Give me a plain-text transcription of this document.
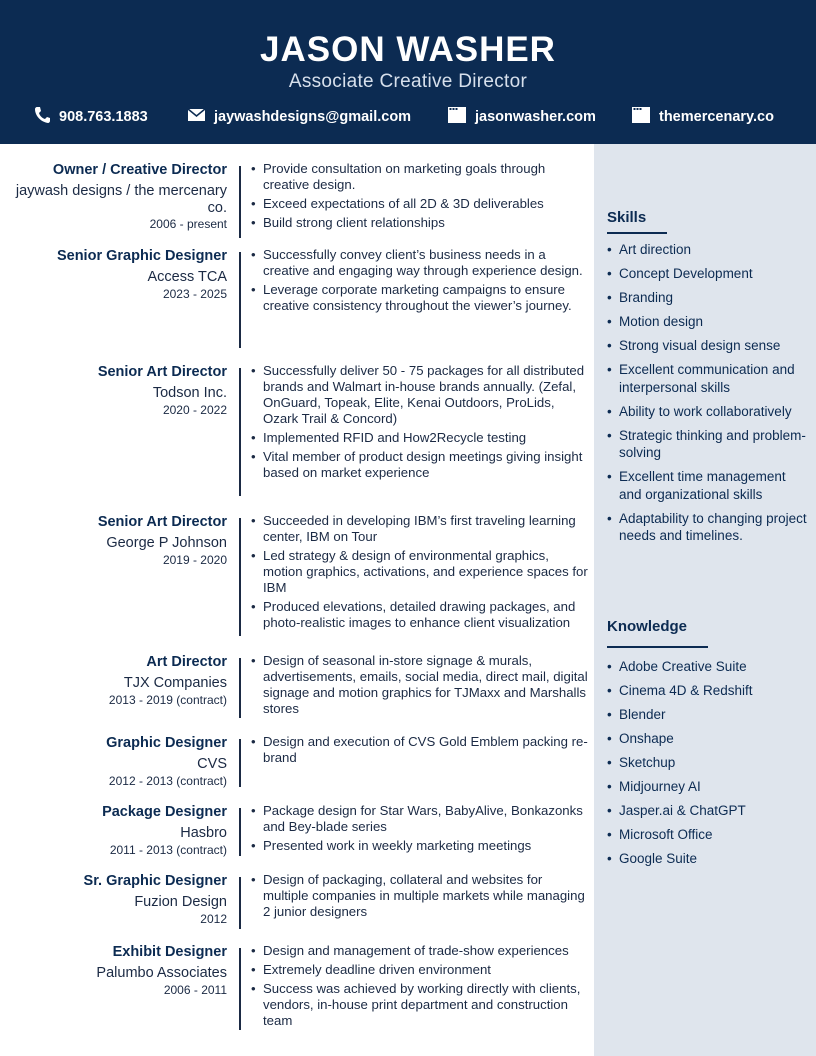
JASON WASHER
Associate Creative Director
908.763.1883	jaywashdesigns@gmail.com	jasonwasher.com	themercenary.co
Owner / Creative Director
jaywash designs / the mercenary co.
2006 - present
• Provide consultation on marketing goals through creative design.
• Exceed expectations of all 2D & 3D deliverables
• Build strong client relationships
Senior Graphic Designer
Access TCA
2023 - 2025
• Successfully convey client’s business needs in a creative and engaging way through experience design.
• Leverage corporate marketing campaigns to ensure creative consistency throughout the viewer’s journey.
Senior Art Director
Todson Inc.
2020 - 2022
• Successfully deliver 50 - 75 packages for all distributed brands and Walmart in-house brands annually. (Zefal, OnGuard, Topeak, Elite, Kenai Outdoors, ProLids, Ozark Trail & Concord)
• Implemented RFID and How2Recycle testing
• Vital member of product design meetings giving insight based on market experience
Senior Art Director
George P Johnson
2019 - 2020
• Succeeded in developing IBM’s first traveling learning center, IBM on Tour
• Led strategy & design of environmental graphics, motion graphics, activations, and experience spaces for IBM
• Produced elevations, detailed drawing packages, and photo-realistic images to enhance client visualization
Art Director
TJX Companies
2013 - 2019 (contract)
• Design of seasonal in-store signage & murals, advertisements, emails, social media, direct mail, digital signage and motion graphics for TJMaxx and Marshalls stores
Graphic Designer
CVS
2012 - 2013 (contract)
• Design and execution of CVS Gold Emblem packing re-brand
Package Designer
Hasbro
2011 - 2013 (contract)
• Package design for Star Wars, BabyAlive, Bonkazonks and Bey-blade series
• Presented work in weekly marketing meetings
Sr. Graphic Designer
Fuzion Design
2012
• Design of packaging, collateral and websites for multiple companies in multiple markets while managing 2 junior designers
Exhibit Designer
Palumbo Associates
2006 - 2011
• Design and management of trade-show experiences
• Extremely deadline driven environment
• Success was achieved by working directly with clients, vendors, in-house print department and construction team
Skills
• Art direction
• Concept Development
• Branding
• Motion design
• Strong visual design sense
• Excellent communication and interpersonal skills
• Ability to work collaboratively
• Strategic thinking and problem-solving
• Excellent time management and organizational skills
• Adaptability to changing project needs and timelines.
Knowledge
• Adobe Creative Suite
• Cinema 4D & Redshift
• Blender
• Onshape
• Sketchup
• Midjourney AI
• Jasper.ai & ChatGPT
• Microsoft Office
• Google Suite
